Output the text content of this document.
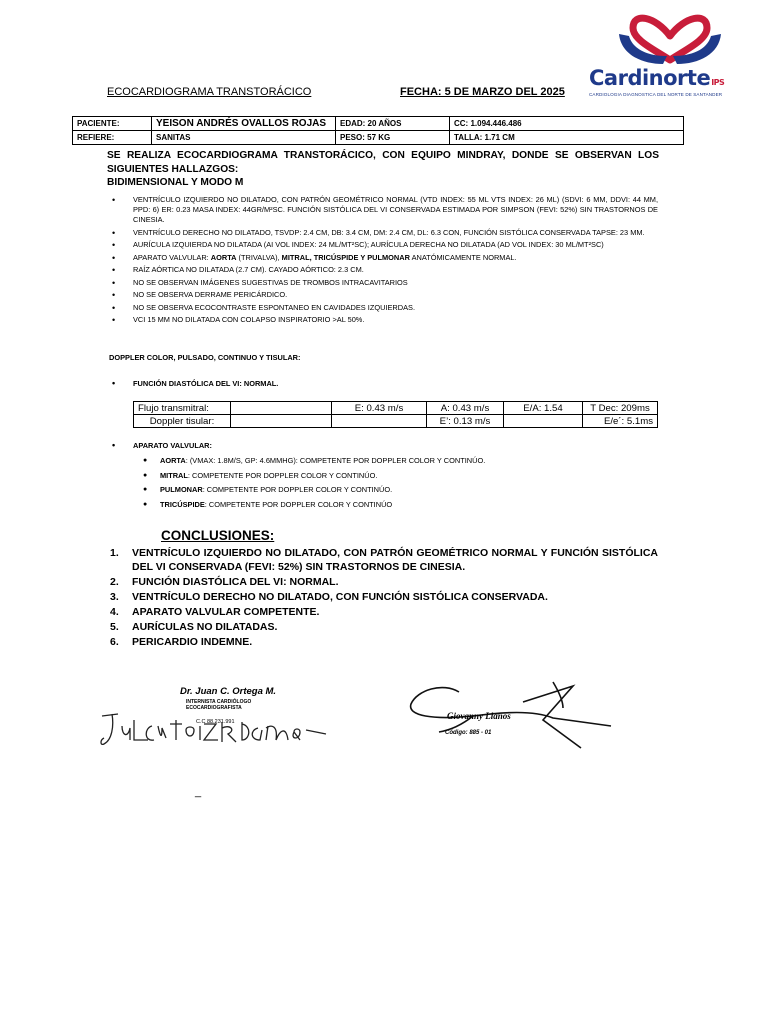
CardinorteIPS
CARDIOLOGIA DIAGNOSTICA DEL NORTE DE SANTANDER
ECOCARDIOGRAMA TRANSTORÁCICO	FECHA: 5 DE MARZO DEL 2025
PACIENTE:	YEISON ANDRÉS OVALLOS ROJAS	EDAD: 20 AÑOS	CC: 1.094.446.486
REFIERE:	SANITAS	PESO: 57 KG	TALLA: 1.71 CM
SE REALIZA ECOCARDIOGRAMA TRANSTORÁCICO, CON EQUIPO MINDRAY, DONDE SE OBSERVAN LOS SIGUIENTES HALLAZGOS:
BIDIMENSIONAL Y MODO M
• VENTRÍCULO IZQUIERDO NO DILATADO, CON PATRÓN GEOMÉTRICO NORMAL (VTD INDEX: 55 ML VTS INDEX: 26 ML) (SDVI: 6 MM, DDVI: 44 MM, PPD: 6) ER: 0.23 MASA INDEX: 44GR/M²SC. FUNCIÓN SISTÓLICA DEL VI CONSERVADA ESTIMADA POR SIMPSON (FEVI: 52%) SIN TRASTORNOS DE CINESIA.
• VENTRÍCULO DERECHO NO DILATADO, TSVDP: 2.4 CM, DB: 3.4 CM, DM: 2.4 CM, DL: 6.3 CON, FUNCIÓN SISTÓLICA CONSERVADA TAPSE: 23 MM.
• AURÍCULA IZQUIERDA NO DILATADA (AI VOL INDEX: 24 ML/MT²SC); AURÍCULA DERECHA NO DILATADA (AD VOL INDEX: 30 ML/MT²SC)
• APARATO VALVULAR: AORTA (TRIVALVA), MITRAL, TRICÚSPIDE Y PULMONAR ANATÓMICAMENTE NORMAL.
• RAÍZ AÓRTICA NO DILATADA (2.7 CM). CAYADO AÓRTICO: 2.3 CM.
• NO SE OBSERVAN IMÁGENES SUGESTIVAS DE TROMBOS INTRACAVITARIOS
• NO SE OBSERVA DERRAME PERICÁRDICO.
• NO SE OBSERVA ECOCONTRASTE ESPONTANEO EN CAVIDADES IZQUIERDAS.
• VCI 15 MM NO DILATADA CON COLAPSO INSPIRATORIO >AL 50%.
DOPPLER COLOR, PULSADO, CONTINUO Y TISULAR:
• FUNCIÓN DIASTÓLICA DEL VI: NORMAL.
Flujo transmitral:		E: 0.43 m/s	A: 0.43 m/s	E/A: 1.54	T Dec: 209ms
Doppler tisular:			E’: 0.13 m/s		E/e´: 5.1ms
• APARATO VALVULAR:
● AORTA: (VMAX: 1.8M/S, GP: 4.6MMHG): COMPETENTE POR DOPPLER COLOR Y CONTINÚO.
● MITRAL: COMPETENTE POR DOPPLER COLOR Y CONTINÚO.
● PULMONAR: COMPETENTE POR DOPPLER COLOR Y CONTINÚO.
● TRICÚSPIDE: COMPETENTE POR DOPPLER COLOR Y CONTINÚO
CONCLUSIONES:
1. VENTRÍCULO IZQUIERDO NO DILATADO, CON PATRÓN GEOMÉTRICO NORMAL Y FUNCIÓN SISTÓLICA DEL VI CONSERVADA (FEVI: 52%) SIN TRASTORNOS DE CINESIA.
2. FUNCIÓN DIASTÓLICA DEL VI: NORMAL.
3. VENTRÍCULO DERECHO NO DILATADO, CON FUNCIÓN SISTÓLICA CONSERVADA.
4. APARATO VALVULAR COMPETENTE.
5. AURÍCULAS NO DILATADAS.
6. PERICARDIO INDEMNE.
Dr. Juan C. Ortega M.
INTERNISTA CARDIÓLOGO
ECOCARDIOGRAFISTA
C.C 88.231.991
Giovanny Llanos
Código: 885 - 01
_
